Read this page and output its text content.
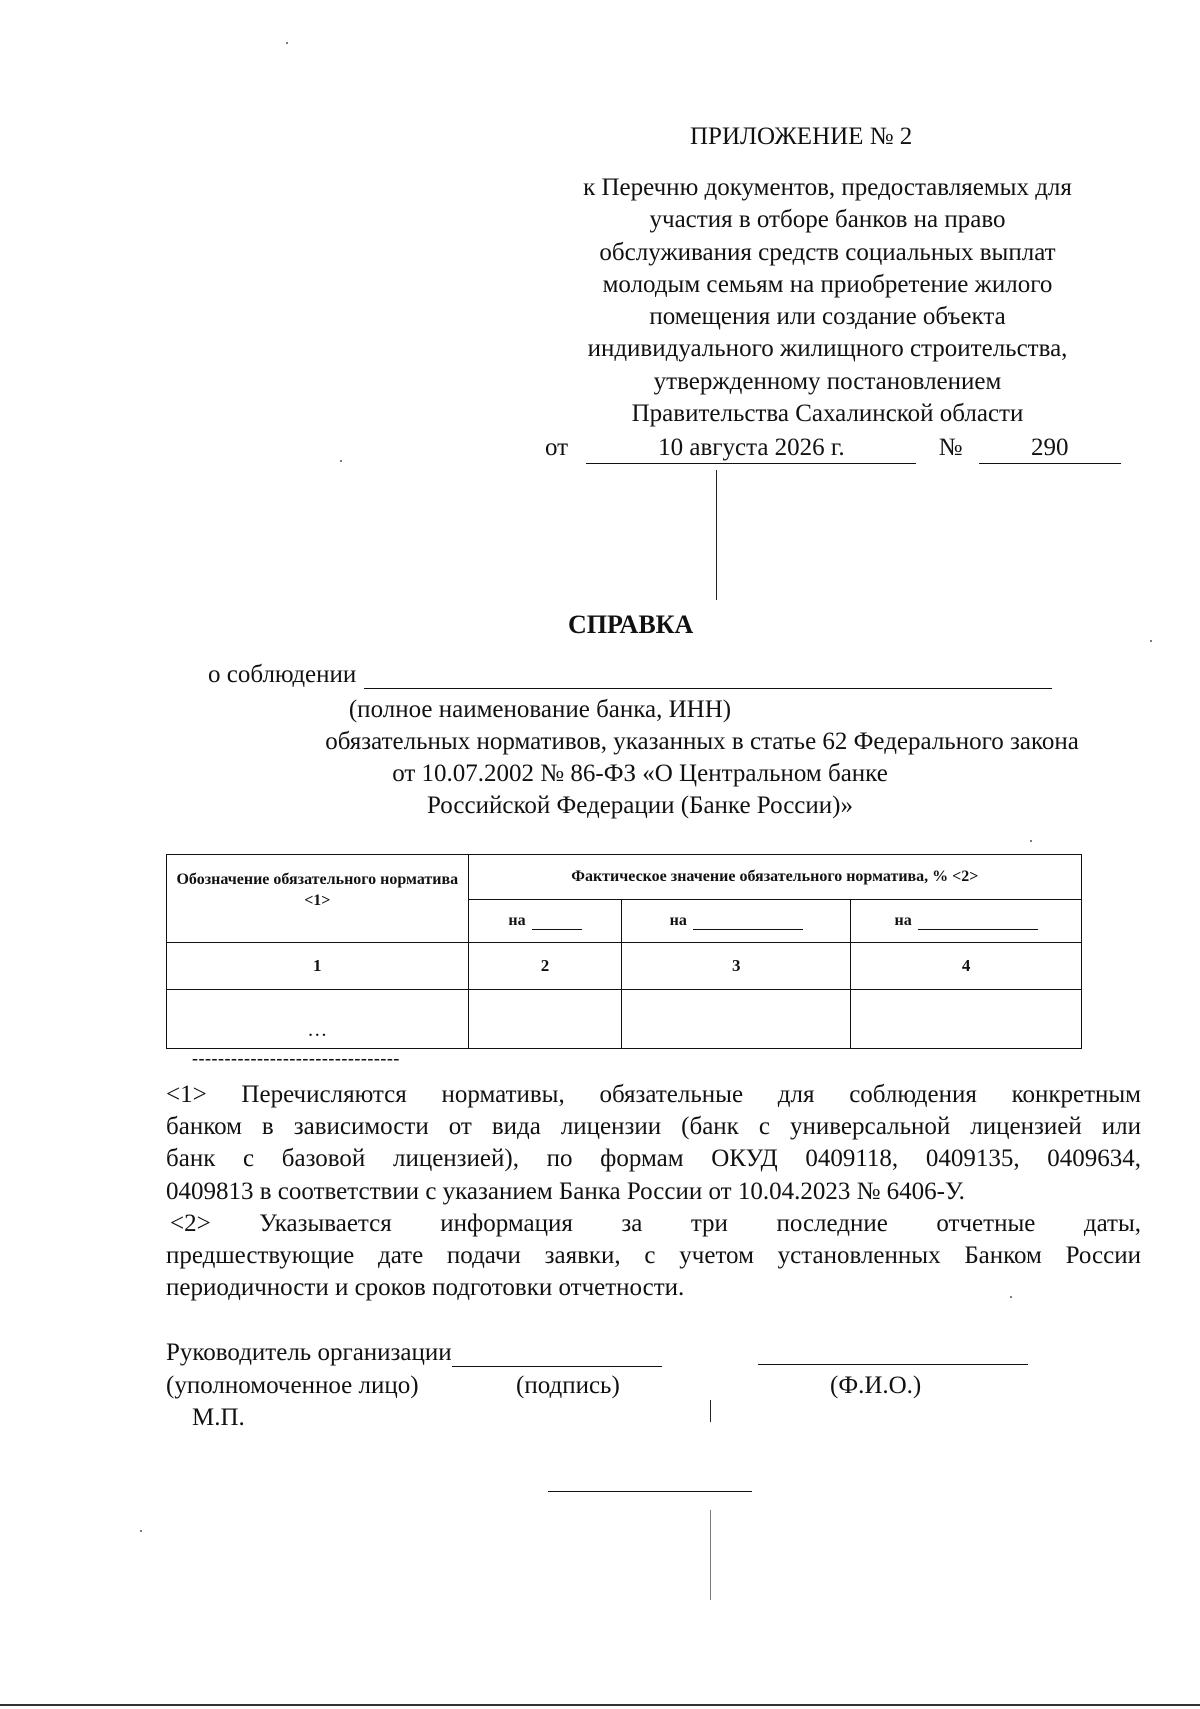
ПРИЛОЖЕНИЕ № 2
к Перечню документов, предоставляемых для
участия в отборе банков на право
обслуживания средств социальных выплат
молодым семьям на приобретение жилого
помещения или создание объекта
индивидуального жилищного строительства,
утвержденному постановлением
Правительства Сахалинской области
от	10 августа 2026 г.	№	290
СПРАВКА
о соблюдении
(полное наименование банка, ИНН)
обязательных нормативов, указанных в статье 62 Федерального закона
от 10.07.2002 № 86-ФЗ «О Центральном банке
Российской Федерации (Банке России)»
Обозначение обязательного норматива <1>	Фактическое значение обязательного норматива, % <2>		
	на	на	на
1	2	3	4
…			
--------------------------------

<1> Перечисляются нормативы, обязательные для соблюдения конкретным

банком в зависимости от вида лицензии (банк с универсальной лицензией или

банк с базовой лицензией), по формам ОКУД 0409118, 0409135, 0409634,

0409813 в соответствии с указанием Банка России от 10.04.2023 № 6406-У.

<2> Указывается информация за три последние отчетные даты,

предшествующие дате подачи заявки, с учетом установленных Банком России

периодичности и сроков подготовки отчетности.

Руководитель организации
(уполномоченное лицо)	(подпись)	(Ф.И.О.)
М.П.
